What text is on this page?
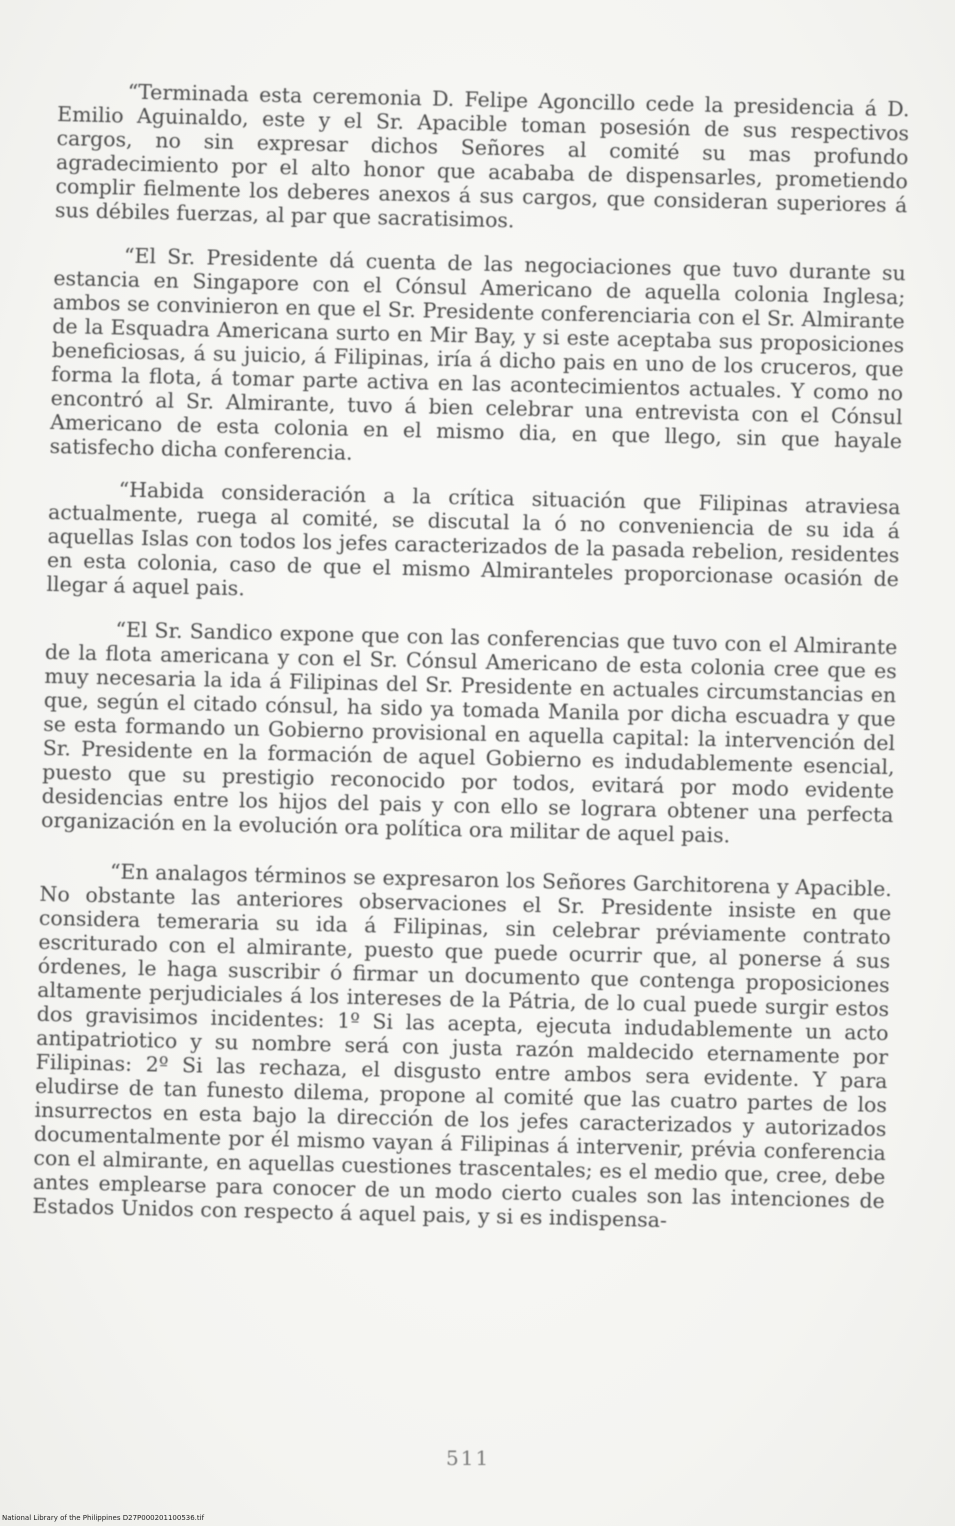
“Terminada esta ceremonia D. Felipe Agoncillo cede la presidencia á D. Emilio Aguinaldo, este y el Sr. Apacible toman posesión de sus respectivos cargos, no sin expresar dichos Señores al comité su mas profundo agradecimiento por el alto honor que acababa de dispensarles, prometiendo complir fielmente los deberes anexos á sus cargos, que consideran superiores á sus débiles fuerzas, al par que sacratisimos.

“El Sr. Presidente dá cuenta de las negociaciones que tuvo durante su estancia en Singapore con el Cónsul Americano de aquella colonia Inglesa; ambos se convinieron en que el Sr. Presidente conferenciaria con el Sr. Almirante de la Esquadra Americana surto en Mir Bay, y si este aceptaba sus proposiciones beneficiosas, á su juicio, á Filipinas, iría á dicho pais en uno de los cruceros, que forma la flota, á tomar parte activa en las acontecimientos actuales. Y como no encontró al Sr. Almirante, tuvo á bien celebrar una entrevista con el Cónsul Americano de esta colonia en el mismo dia, en que llego, sin que hayale satisfecho dicha conferencia.

“Habida consideración a la crítica situación que Filipinas atraviesa actualmente, ruega al comité, se discutal la ó no conveniencia de su ida á aquellas Islas con todos los jefes caracterizados de la pasada rebelion, residentes en esta colonia, caso de que el mismo Almiranteles proporcionase ocasión de llegar á aquel pais.

“El Sr. Sandico expone que con las conferencias que tuvo con el Almirante de la flota americana y con el Sr. Cónsul Americano de esta colonia cree que es muy necesaria la ida á Filipinas del Sr. Presidente en actuales circumstancias en que, según el citado cónsul, ha sido ya tomada Manila por dicha escuadra y que se esta formando un Gobierno provisional en aquella capital: la intervención del Sr. Presidente en la formación de aquel Gobierno es indudablemente esencial, puesto que su prestigio reconocido por todos, evitará por modo evidente desidencias entre los hijos del pais y con ello se lograra obtener una perfecta organización en la evolución ora política ora militar de aquel pais.

“En analagos términos se expresaron los Señores Garchitorena y Apacible. No obstante las anteriores observaciones el Sr. Presidente insiste en que considera temeraria su ida á Filipinas, sin celebrar préviamente contrato escriturado con el almirante, puesto que puede ocurrir que, al ponerse á sus órdenes, le haga suscribir ó firmar un documento que contenga proposiciones altamente perjudiciales á los intereses de la Pátria, de lo cual puede surgir estos dos gravisimos incidentes: 1º Si las acepta, ejecuta indudablemente un acto antipatriotico y su nombre será con justa razón maldecido eternamente por Filipinas: 2º Si las rechaza, el disgusto entre ambos sera evidente. Y para eludirse de tan funesto dilema, propone al comité que las cuatro partes de los insurrectos en esta bajo la dirección de los jefes caracterizados y autorizados documentalmente por él mismo vayan á Filipinas á intervenir, prévia conferencia con el almirante, en aquellas cuestiones trascentales; es el medio que, cree, debe antes emplearse para conocer de un modo cierto cuales son las intenciones de Estados Unidos con respecto á aquel pais, y si es indispensa-

511
National Library of the Philippines D27P000201100536.tif
